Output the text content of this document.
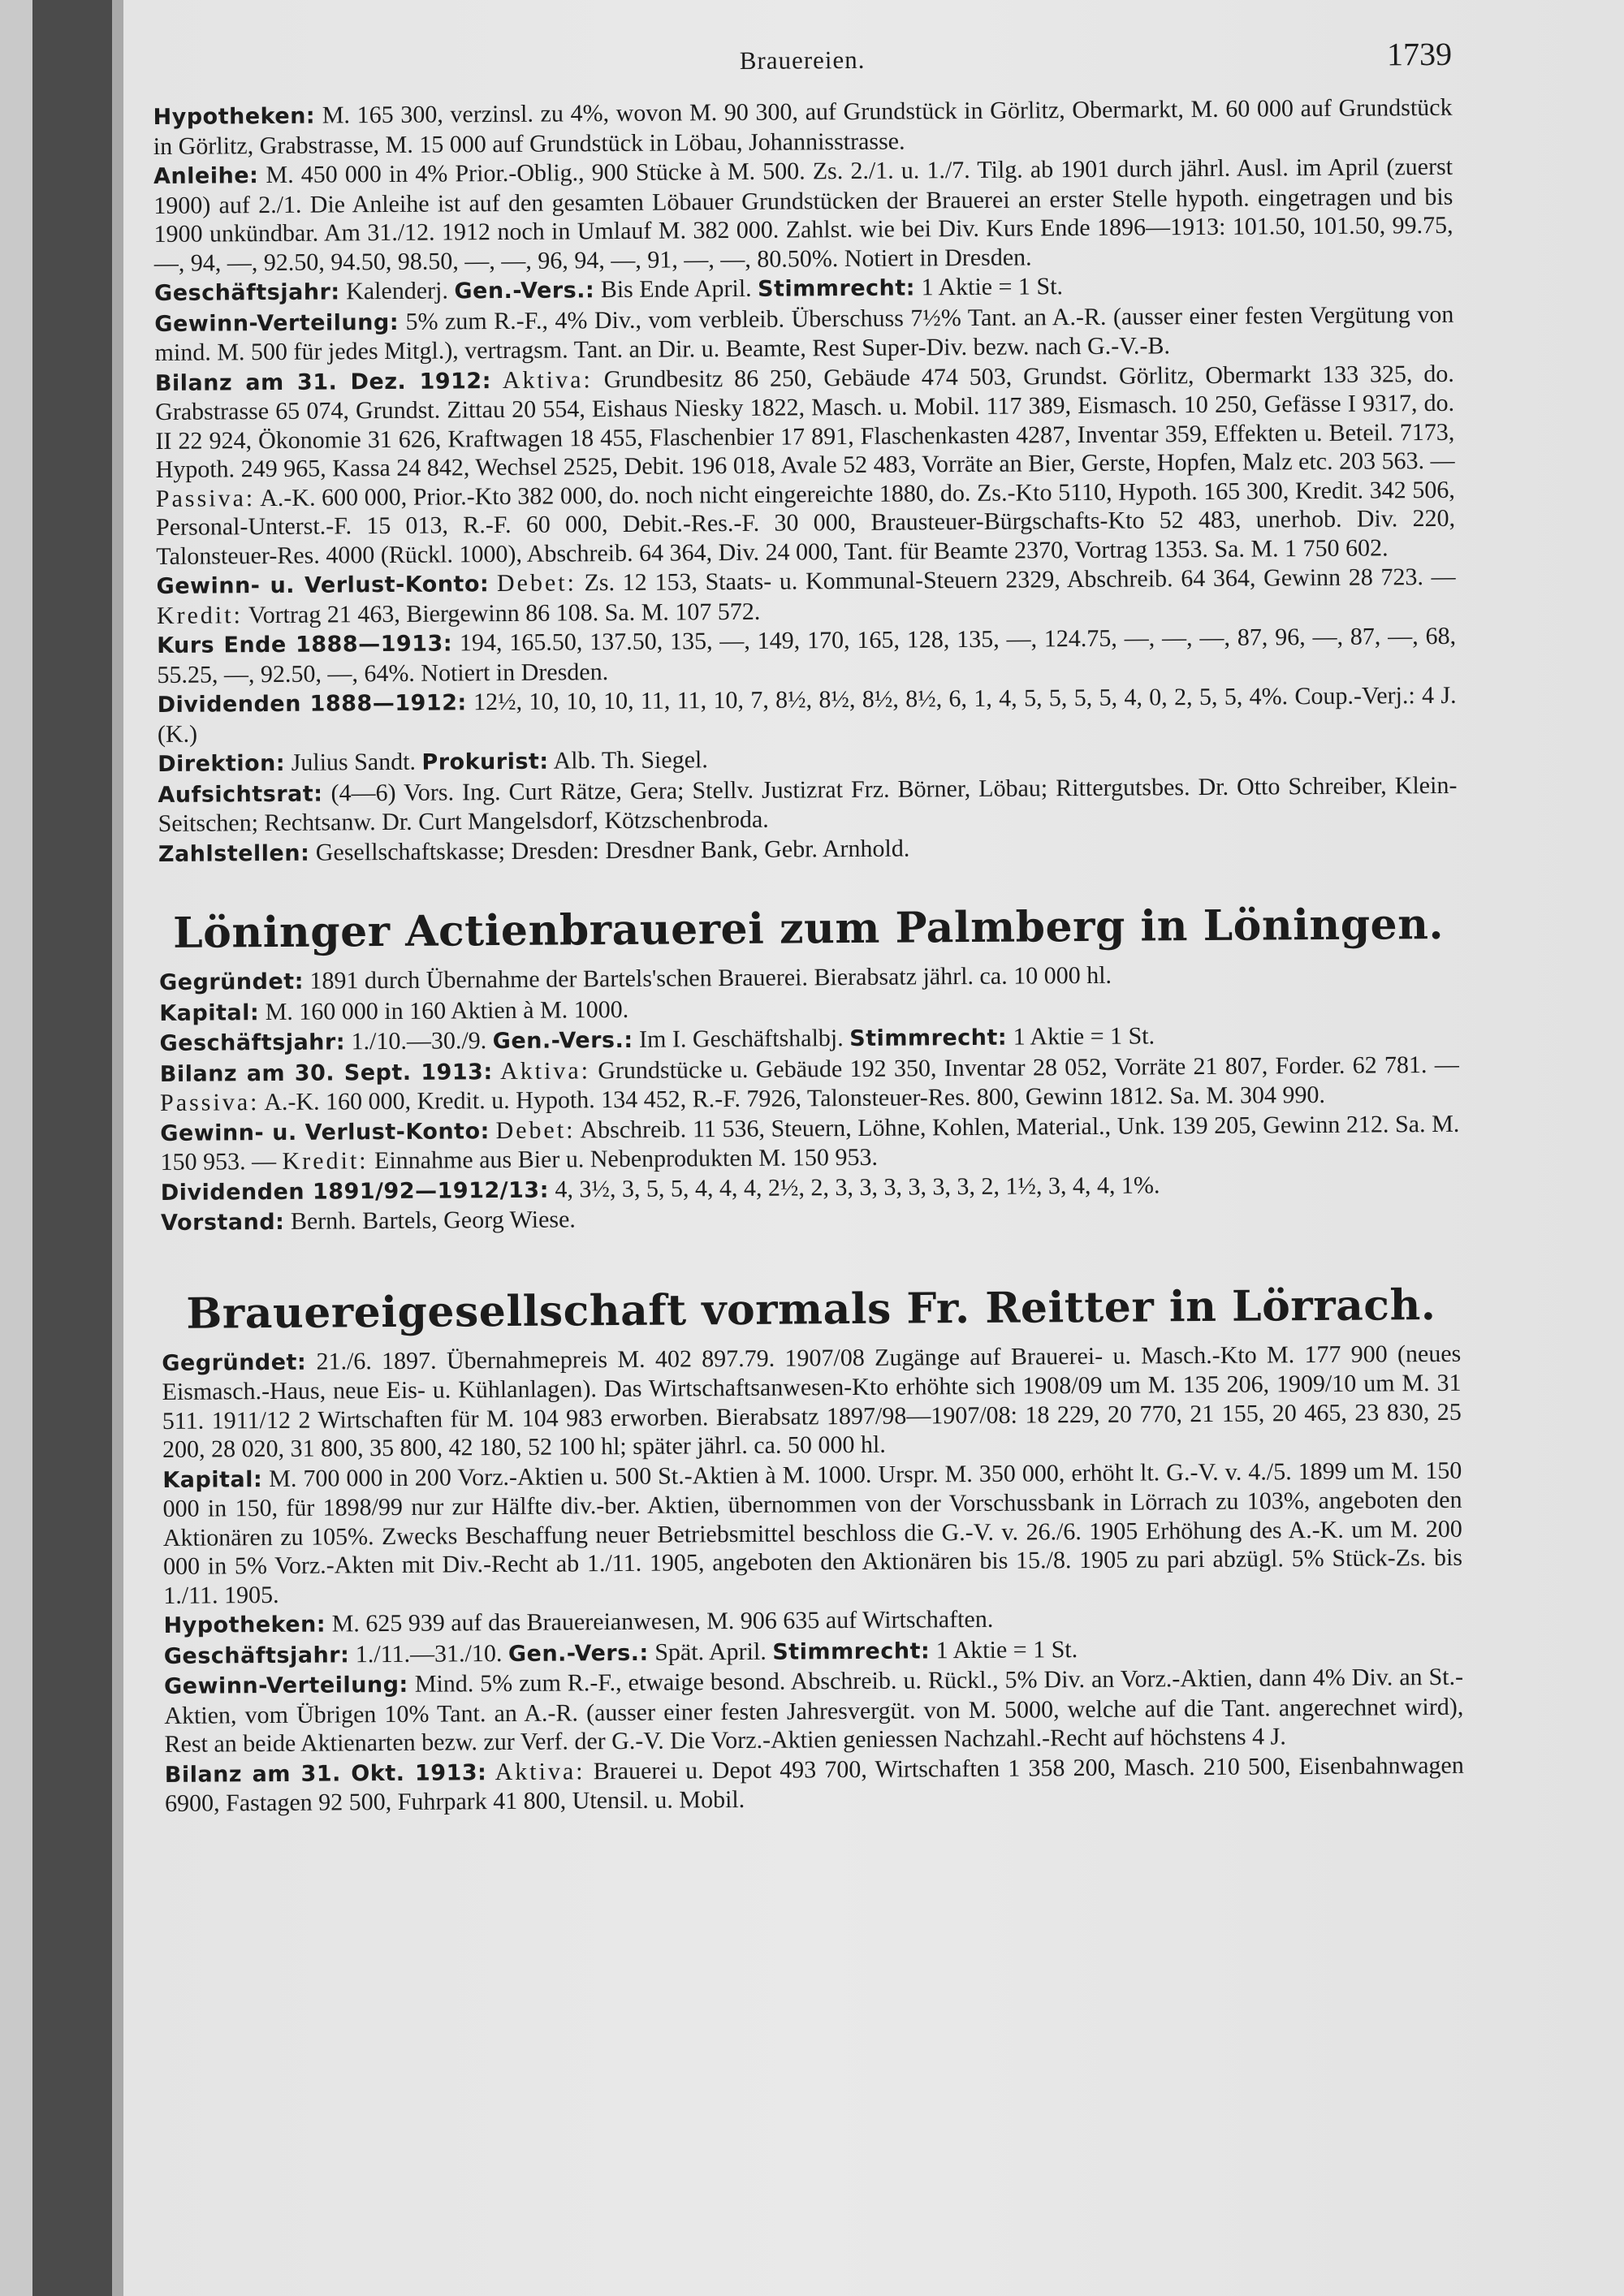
Brauereien.	1739

Hypotheken: M. 165 300, verzinsl. zu 4%, wovon M. 90 300, auf Grundstück in Görlitz, Obermarkt, M. 60 000 auf Grundstück in Görlitz, Grabstrasse, M. 15 000 auf Grundstück in Löbau, Johannisstrasse.

Anleihe: M. 450 000 in 4% Prior.-Oblig., 900 Stücke à M. 500. Zs. 2./1. u. 1./7. Tilg. ab 1901 durch jährl. Ausl. im April (zuerst 1900) auf 2./1. Die Anleihe ist auf den gesamten Löbauer Grundstücken der Brauerei an erster Stelle hypoth. eingetragen und bis 1900 unkündbar. Am 31./12. 1912 noch in Umlauf M. 382 000. Zahlst. wie bei Div. Kurs Ende 1896—1913: 101.50, 101.50, 99.75, —, 94, —, 92.50, 94.50, 98.50, —, —, 96, 94, —, 91, —, —, 80.50%. Notiert in Dresden.

Geschäftsjahr: Kalenderj. Gen.-Vers.: Bis Ende April. Stimmrecht: 1 Aktie = 1 St.

Gewinn-Verteilung: 5% zum R.-F., 4% Div., vom verbleib. Überschuss 7½% Tant. an A.-R. (ausser einer festen Vergütung von mind. M. 500 für jedes Mitgl.), vertragsm. Tant. an Dir. u. Beamte, Rest Super-Div. bezw. nach G.-V.-B.

Bilanz am 31. Dez. 1912: Aktiva: Grundbesitz 86 250, Gebäude 474 503, Grundst. Görlitz, Obermarkt 133 325, do. Grabstrasse 65 074, Grundst. Zittau 20 554, Eishaus Niesky 1822, Masch. u. Mobil. 117 389, Eismasch. 10 250, Gefässe I 9317, do. II 22 924, Ökonomie 31 626, Kraftwagen 18 455, Flaschenbier 17 891, Flaschenkasten 4287, Inventar 359, Effekten u. Beteil. 7173, Hypoth. 249 965, Kassa 24 842, Wechsel 2525, Debit. 196 018, Avale 52 483, Vorräte an Bier, Gerste, Hopfen, Malz etc. 203 563. — Passiva: A.-K. 600 000, Prior.-Kto 382 000, do. noch nicht eingereichte 1880, do. Zs.-Kto 5110, Hypoth. 165 300, Kredit. 342 506, Personal-Unterst.-F. 15 013, R.-F. 60 000, Debit.-Res.-F. 30 000, Brausteuer-Bürgschafts-Kto 52 483, unerhob. Div. 220, Talonsteuer-Res. 4000 (Rückl. 1000), Abschreib. 64 364, Div. 24 000, Tant. für Beamte 2370, Vortrag 1353. Sa. M. 1 750 602.

Gewinn- u. Verlust-Konto: Debet: Zs. 12 153, Staats- u. Kommunal-Steuern 2329, Abschreib. 64 364, Gewinn 28 723. — Kredit: Vortrag 21 463, Biergewinn 86 108. Sa. M. 107 572.

Kurs Ende 1888—1913: 194, 165.50, 137.50, 135, —, 149, 170, 165, 128, 135, —, 124.75, —, —, —, 87, 96, —, 87, —, 68, 55.25, —, 92.50, —, 64%. Notiert in Dresden.

Dividenden 1888—1912: 12½, 10, 10, 10, 11, 11, 10, 7, 8½, 8½, 8½, 8½, 6, 1, 4, 5, 5, 5, 5, 4, 0, 2, 5, 5, 4%. Coup.-Verj.: 4 J. (K.)

Direktion: Julius Sandt. Prokurist: Alb. Th. Siegel.

Aufsichtsrat: (4—6) Vors. Ing. Curt Rätze, Gera; Stellv. Justizrat Frz. Börner, Löbau; Rittergutsbes. Dr. Otto Schreiber, Klein-Seitschen; Rechtsanw. Dr. Curt Mangelsdorf, Kötzschenbroda.

Zahlstellen: Gesellschaftskasse; Dresden: Dresdner Bank, Gebr. Arnhold.

Löninger Actienbrauerei zum Palmberg in Löningen.

Gegründet: 1891 durch Übernahme der Bartels'schen Brauerei. Bierabsatz jährl. ca. 10 000 hl.

Kapital: M. 160 000 in 160 Aktien à M. 1000.

Geschäftsjahr: 1./10.—30./9. Gen.-Vers.: Im I. Geschäftshalbj. Stimmrecht: 1 Aktie = 1 St.

Bilanz am 30. Sept. 1913: Aktiva: Grundstücke u. Gebäude 192 350, Inventar 28 052, Vorräte 21 807, Forder. 62 781. — Passiva: A.-K. 160 000, Kredit. u. Hypoth. 134 452, R.-F. 7926, Talonsteuer-Res. 800, Gewinn 1812. Sa. M. 304 990.

Gewinn- u. Verlust-Konto: Debet: Abschreib. 11 536, Steuern, Löhne, Kohlen, Material., Unk. 139 205, Gewinn 212. Sa. M. 150 953. — Kredit: Einnahme aus Bier u. Nebenprodukten M. 150 953.

Dividenden 1891/92—1912/13: 4, 3½, 3, 5, 5, 4, 4, 4, 2½, 2, 3, 3, 3, 3, 3, 3, 2, 1½, 3, 4, 4, 1%.

Vorstand: Bernh. Bartels, Georg Wiese.

Brauereigesellschaft vormals Fr. Reitter in Lörrach.

Gegründet: 21./6. 1897. Übernahmepreis M. 402 897.79. 1907/08 Zugänge auf Brauerei- u. Masch.-Kto M. 177 900 (neues Eismasch.-Haus, neue Eis- u. Kühlanlagen). Das Wirtschaftsanwesen-Kto erhöhte sich 1908/09 um M. 135 206, 1909/10 um M. 31 511. 1911/12 2 Wirtschaften für M. 104 983 erworben. Bierabsatz 1897/98—1907/08: 18 229, 20 770, 21 155, 20 465, 23 830, 25 200, 28 020, 31 800, 35 800, 42 180, 52 100 hl; später jährl. ca. 50 000 hl.

Kapital: M. 700 000 in 200 Vorz.-Aktien u. 500 St.-Aktien à M. 1000. Urspr. M. 350 000, erhöht lt. G.-V. v. 4./5. 1899 um M. 150 000 in 150, für 1898/99 nur zur Hälfte div.-ber. Aktien, übernommen von der Vorschussbank in Lörrach zu 103%, angeboten den Aktionären zu 105%. Zwecks Beschaffung neuer Betriebsmittel beschloss die G.-V. v. 26./6. 1905 Erhöhung des A.-K. um M. 200 000 in 5% Vorz.-Akten mit Div.-Recht ab 1./11. 1905, angeboten den Aktionären bis 15./8. 1905 zu pari abzügl. 5% Stück-Zs. bis 1./11. 1905.

Hypotheken: M. 625 939 auf das Brauereianwesen, M. 906 635 auf Wirtschaften.

Geschäftsjahr: 1./11.—31./10. Gen.-Vers.: Spät. April. Stimmrecht: 1 Aktie = 1 St.

Gewinn-Verteilung: Mind. 5% zum R.-F., etwaige besond. Abschreib. u. Rückl., 5% Div. an Vorz.-Aktien, dann 4% Div. an St.-Aktien, vom Übrigen 10% Tant. an A.-R. (ausser einer festen Jahresvergüt. von M. 5000, welche auf die Tant. angerechnet wird), Rest an beide Aktienarten bezw. zur Verf. der G.-V. Die Vorz.-Aktien geniessen Nachzahl.-Recht auf höchstens 4 J.

Bilanz am 31. Okt. 1913: Aktiva: Brauerei u. Depot 493 700, Wirtschaften 1 358 200, Masch. 210 500, Eisenbahnwagen 6900, Fastagen 92 500, Fuhrpark 41 800, Utensil. u. Mobil.
